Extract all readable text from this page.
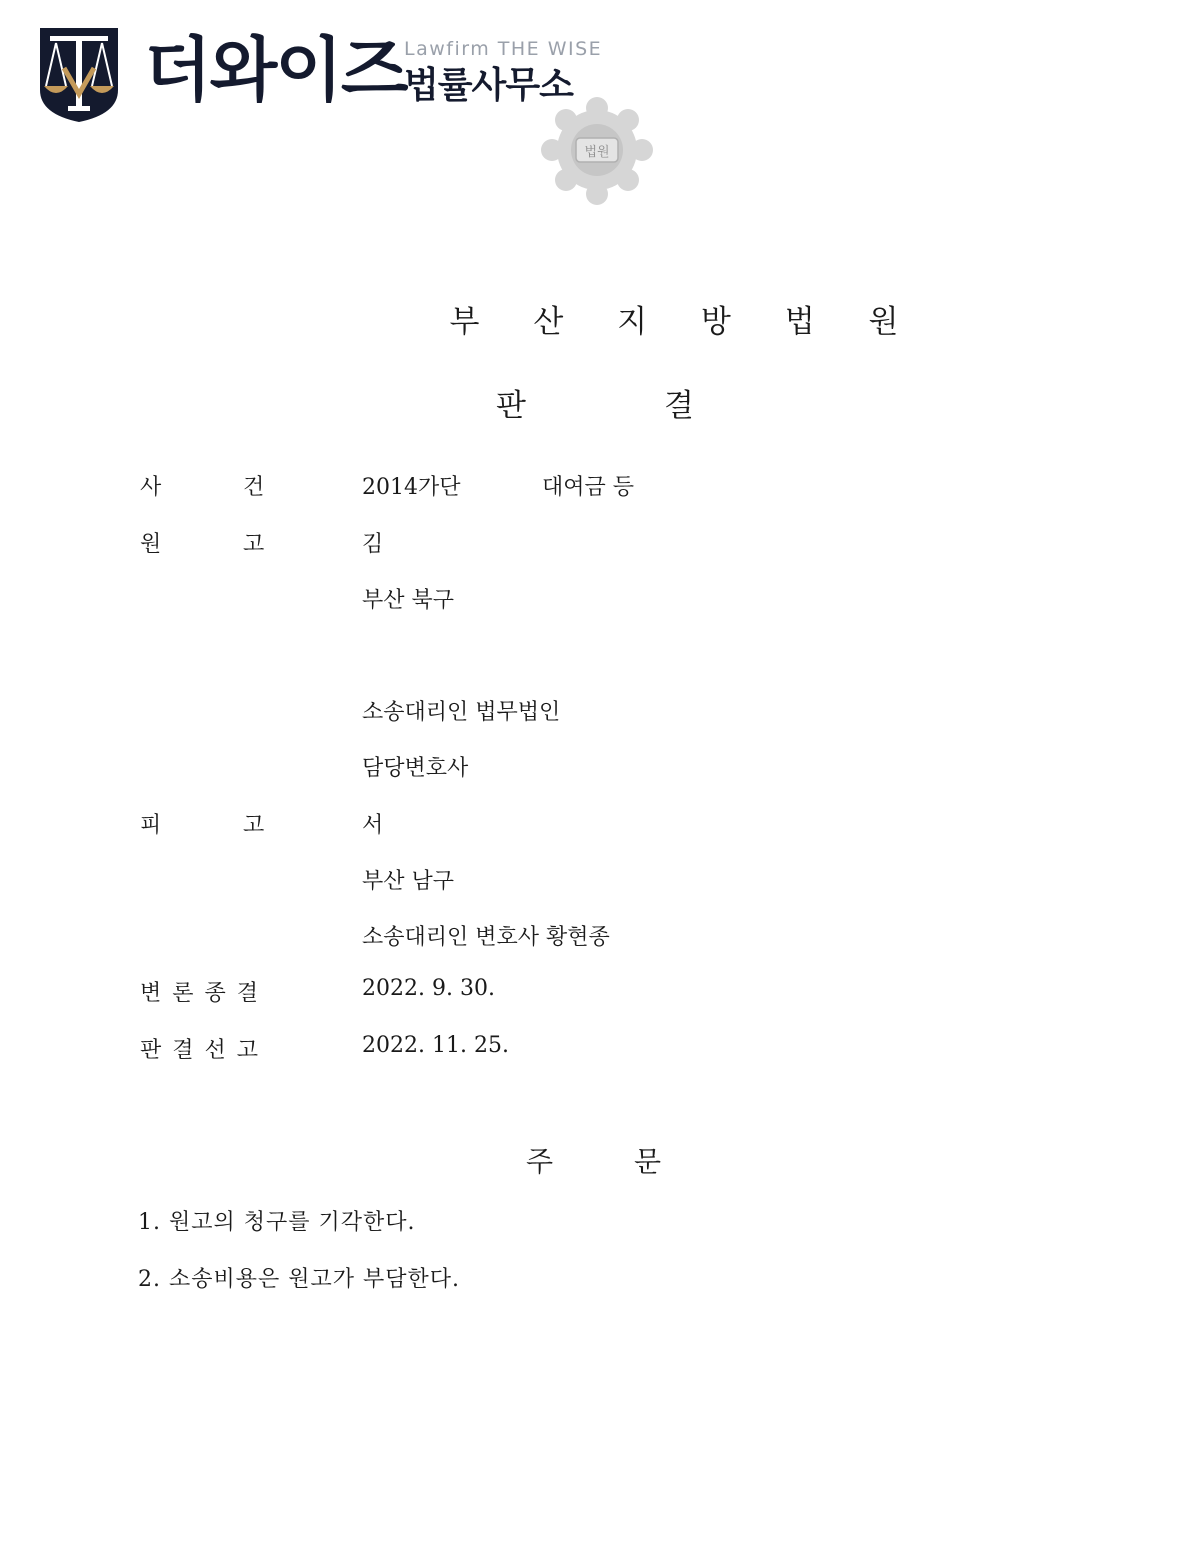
더와이즈
Lawfirm THE WISE
법률사무소
법원
부 산 지 방 법 원
판	결
사	건	2014가단	대여금 등
원	고	김
부산 북구
소송대리인 법무법인
담당변호사
피	고	서
부산 남구
소송대리인 변호사 황현종
변 론 종 결	2022. 9. 30.
판 결 선 고	2022. 11. 25.
주	문
1. 원고의 청구를 기각한다.
2. 소송비용은 원고가 부담한다.
